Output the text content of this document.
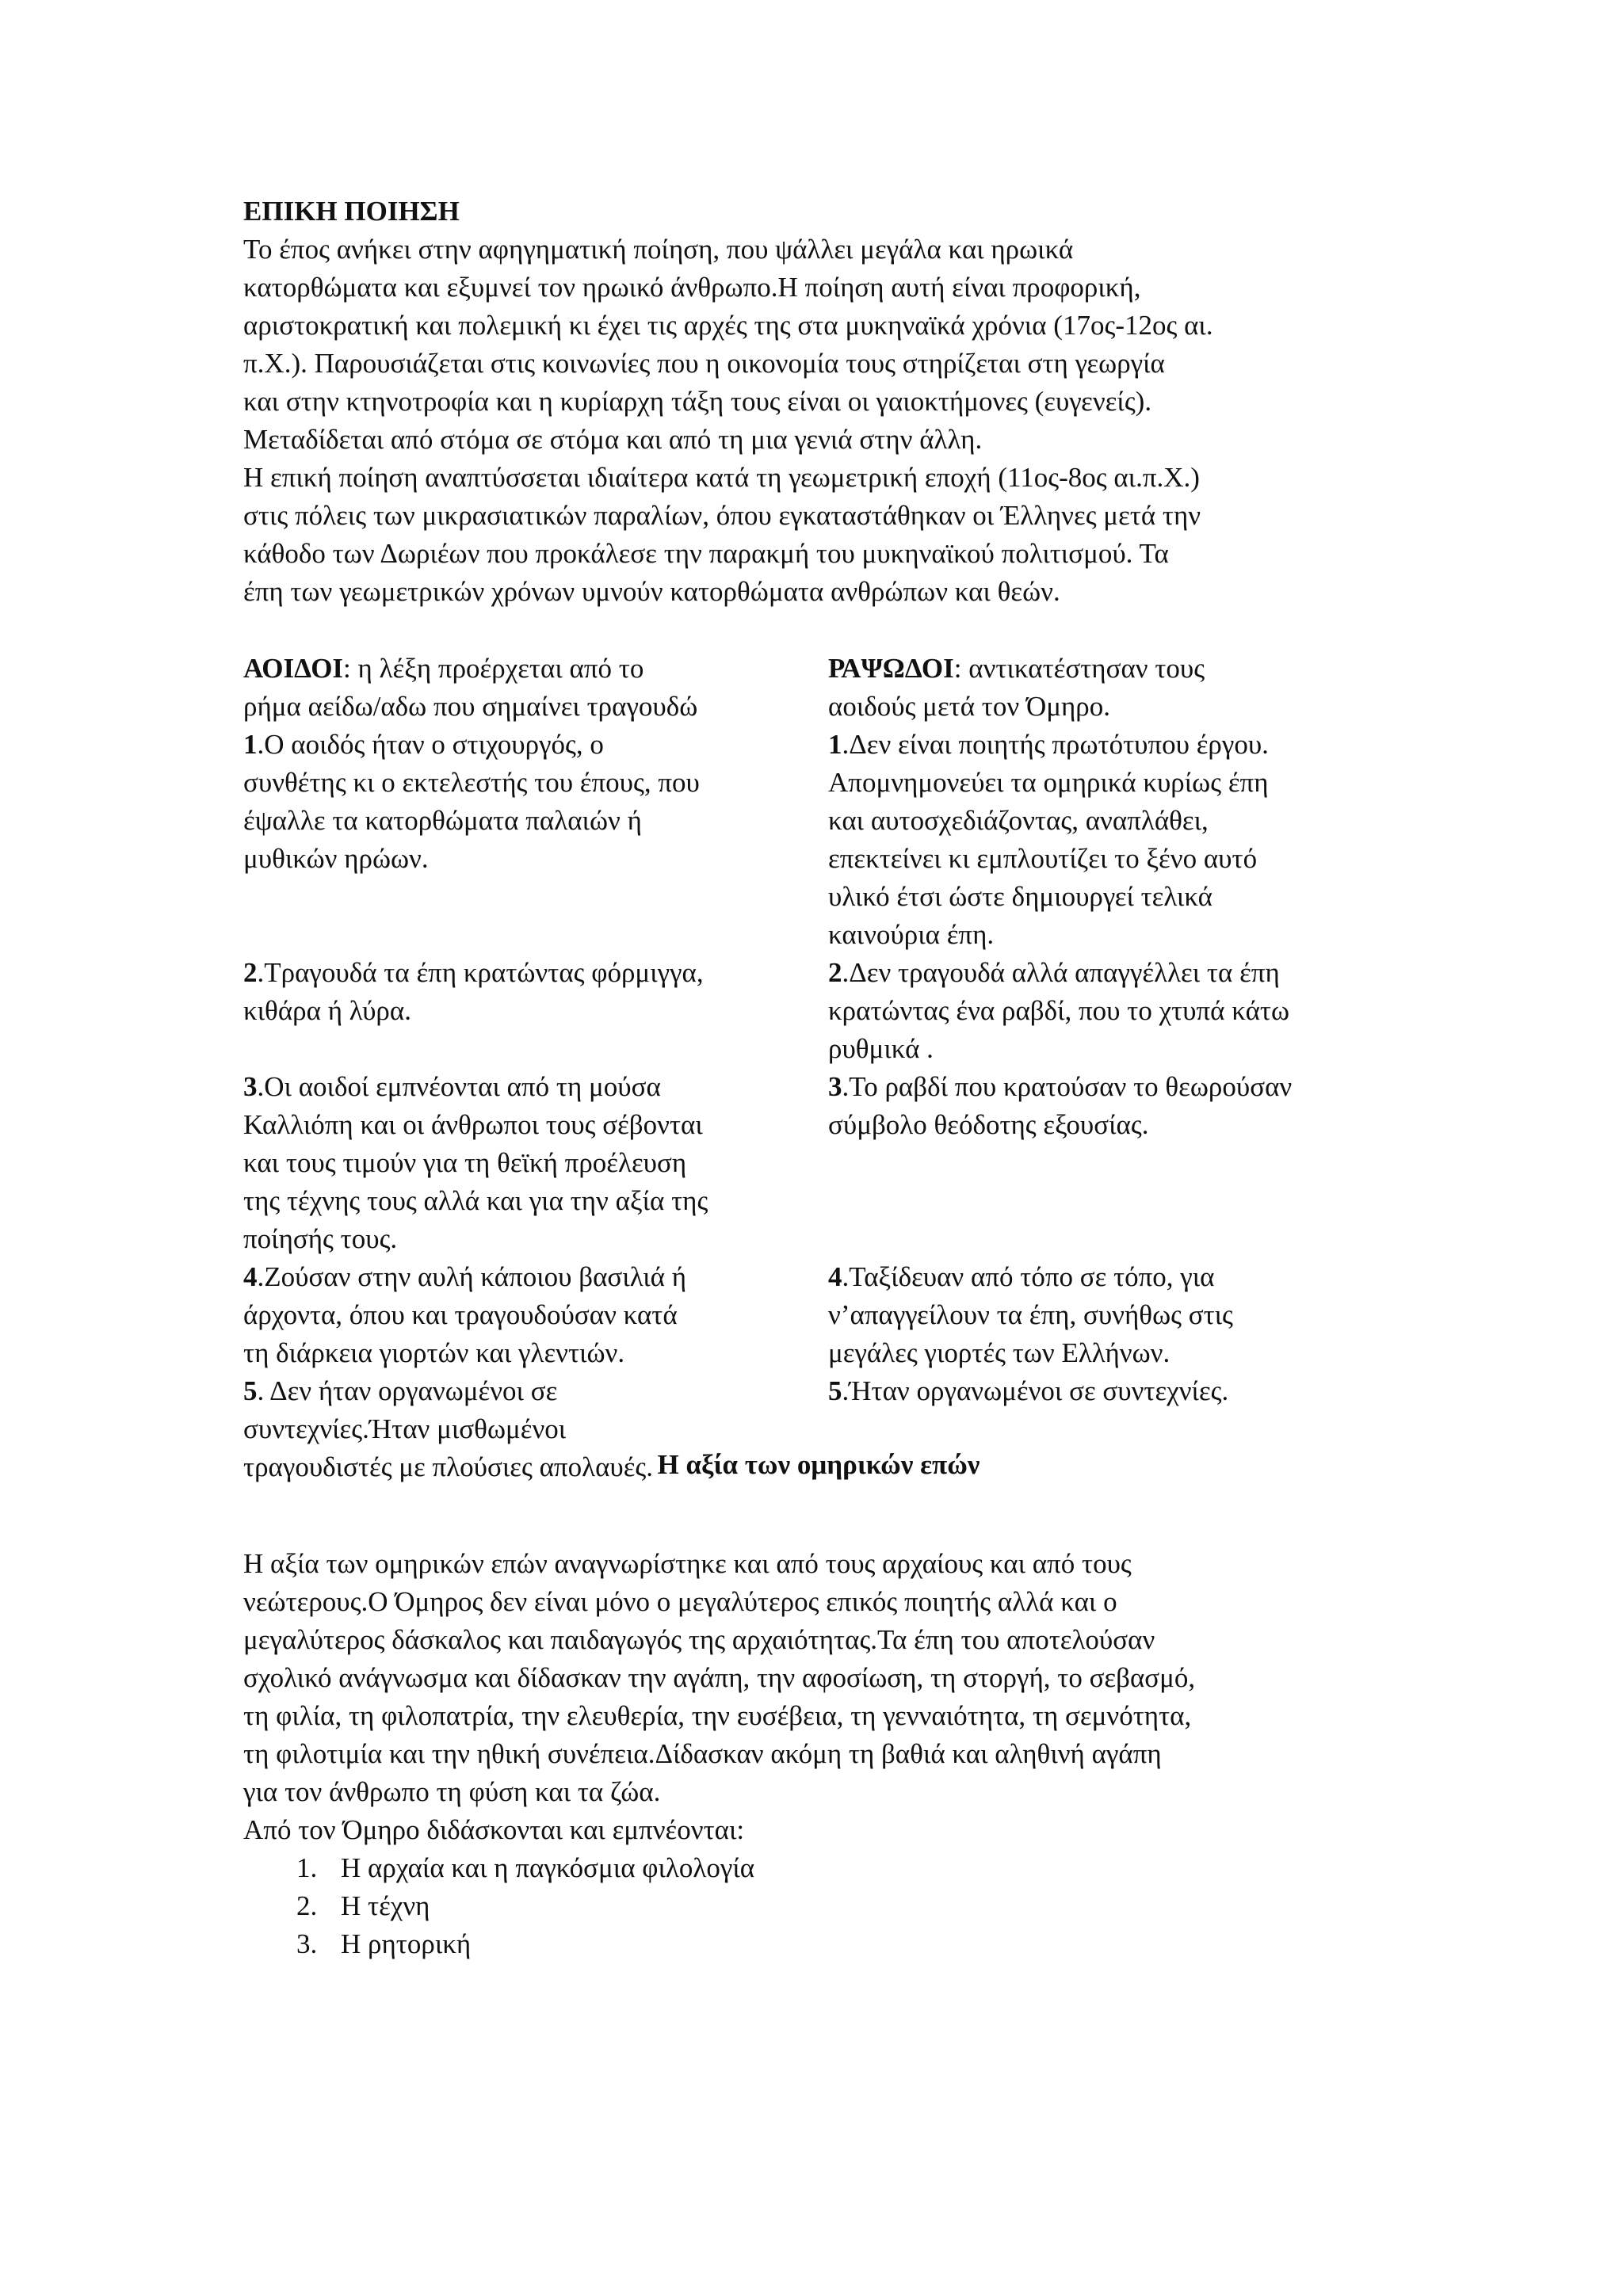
ΕΠΙΚΗ ΠΟΙΗΣΗ

Το έπος ανήκει στην αφηγηματική ποίηση, που ψάλλει μεγάλα και ηρωικά

κατορθώματα και εξυμνεί τον ηρωικό άνθρωπο.Η ποίηση αυτή είναι προφορική,

αριστοκρατική και πολεμική κι έχει τις αρχές της στα μυκηναϊκά χρόνια (17ος-12ος αι.

π.Χ.). Παρουσιάζεται στις κοινωνίες που η οικονομία τους στηρίζεται στη γεωργία

και στην κτηνοτροφία και η κυρίαρχη τάξη τους είναι οι γαιοκτήμονες (ευγενείς).

Μεταδίδεται από στόμα σε στόμα και από τη μια γενιά στην άλλη.

Η επική ποίηση αναπτύσσεται ιδιαίτερα κατά τη γεωμετρική εποχή (11ος-8ος αι.π.Χ.)

στις πόλεις των μικρασιατικών παραλίων, όπου εγκαταστάθηκαν οι Έλληνες μετά την

κάθοδο των Δωριέων που προκάλεσε την παρακμή του μυκηναϊκού πολιτισμού. Τα

έπη των γεωμετρικών χρόνων υμνούν κατορθώματα ανθρώπων και θεών.

ΑΟΙΔΟΙ: η λέξη προέρχεται από το

ρήμα αείδω/αδω που σημαίνει τραγουδώ

1.Ο αοιδός ήταν ο στιχουργός, ο

συνθέτης κι ο εκτελεστής του έπους, που

έψαλλε τα κατορθώματα παλαιών ή

μυθικών ηρώων.

2.Τραγουδά τα έπη κρατώντας φόρμιγγα,

κιθάρα ή λύρα.

3.Οι αοιδοί εμπνέονται από τη μούσα

Καλλιόπη και οι άνθρωποι τους σέβονται

και τους τιμούν για τη θεϊκή προέλευση

της τέχνης τους αλλά και για την αξία της

ποίησής τους.

4.Ζούσαν στην αυλή κάποιου βασιλιά ή

άρχοντα, όπου και τραγουδούσαν κατά

τη διάρκεια γιορτών και γλεντιών.

5. Δεν ήταν οργανωμένοι σε

συντεχνίες.Ήταν μισθωμένοι

τραγουδιστές με πλούσιες απολαυές.

ΡΑΨΩΔΟΙ: αντικατέστησαν τους

αοιδούς μετά τον Όμηρο.

1.Δεν είναι ποιητής πρωτότυπου έργου.

Απομνημονεύει τα ομηρικά κυρίως έπη

και αυτοσχεδιάζοντας, αναπλάθει,

επεκτείνει κι εμπλουτίζει το ξένο αυτό

υλικό έτσι ώστε δημιουργεί τελικά

καινούρια έπη.

2.Δεν τραγουδά αλλά απαγγέλλει τα έπη

κρατώντας ένα ραβδί, που το χτυπά κάτω

ρυθμικά .

3.Το ραβδί που κρατούσαν το θεωρούσαν

σύμβολο θεόδοτης εξουσίας.

4.Ταξίδευαν από τόπο σε τόπο, για

ν’απαγγείλουν τα έπη, συνήθως στις

μεγάλες γιορτές των Ελλήνων.

5.Ήταν οργανωμένοι σε συντεχνίες.

Η αξία των ομηρικών επών

Η αξία των ομηρικών επών αναγνωρίστηκε και από τους αρχαίους και από τους

νεώτερους.Ο Όμηρος δεν είναι μόνο ο μεγαλύτερος επικός ποιητής αλλά και ο

μεγαλύτερος δάσκαλος και παιδαγωγός της αρχαιότητας.Τα έπη του αποτελούσαν

σχολικό ανάγνωσμα και δίδασκαν την αγάπη, την αφοσίωση, τη στοργή, το σεβασμό,

τη φιλία, τη φιλοπατρία, την ελευθερία, την ευσέβεια, τη γενναιότητα, τη σεμνότητα,

τη φιλοτιμία και την ηθική συνέπεια.Δίδασκαν ακόμη τη βαθιά και αληθινή αγάπη

για τον άνθρωπο τη φύση και τα ζώα.

Από τον Όμηρο διδάσκονται και εμπνέονται:

1. Η αρχαία και η παγκόσμια φιλολογία
2. Η τέχνη
3. Η ρητορική
